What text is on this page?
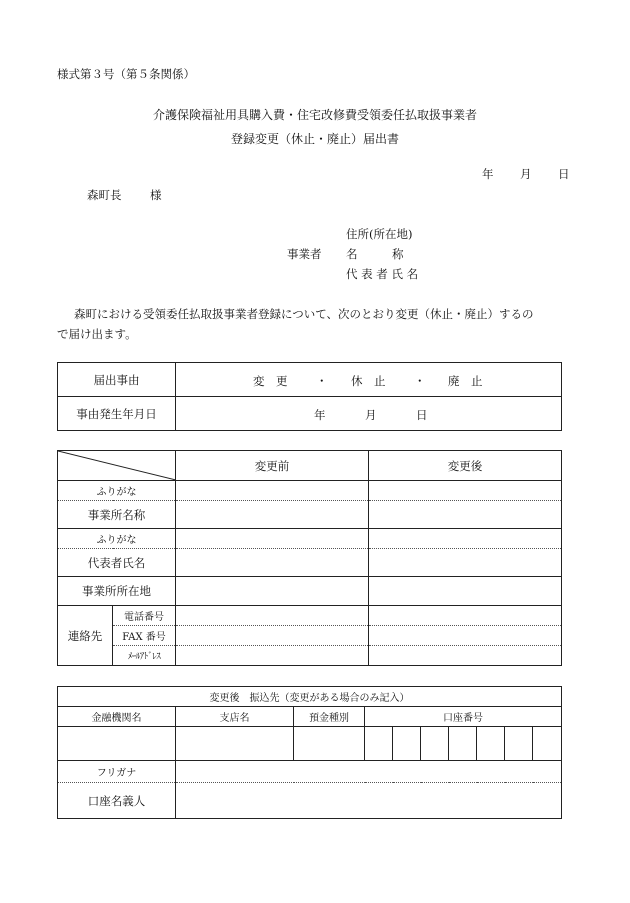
様式第３号（第５条関係）
介護保険福祉用具購入費・住宅改修費受領委任払取扱事業者
登録変更（休止・廃止）届出書
年 月 日
森町長 様
住所(所在地)
事業者 名　　　称
代 表 者 氏 名
森町における受領委任払取扱事業者登録について、次のとおり変更（休止・廃止）するの
で届け出ます。
届出事由	変　更 ・ 休　止 ・ 廃　止

事由発生年月日	年 月 日
	変更前	変更後
ふりがな			
事業所名称			
ふりがな			
代表者氏名			
事業所所在地			
連絡先	電話番号		
	FAX 番号		
	ﾒｰﾙｱﾄﾞﾚｽ		
変更後　振込先（変更がある場合のみ記入）									
金融機関名	支店名	預金種別	口座番号						

フリガナ									
口座名義人									
